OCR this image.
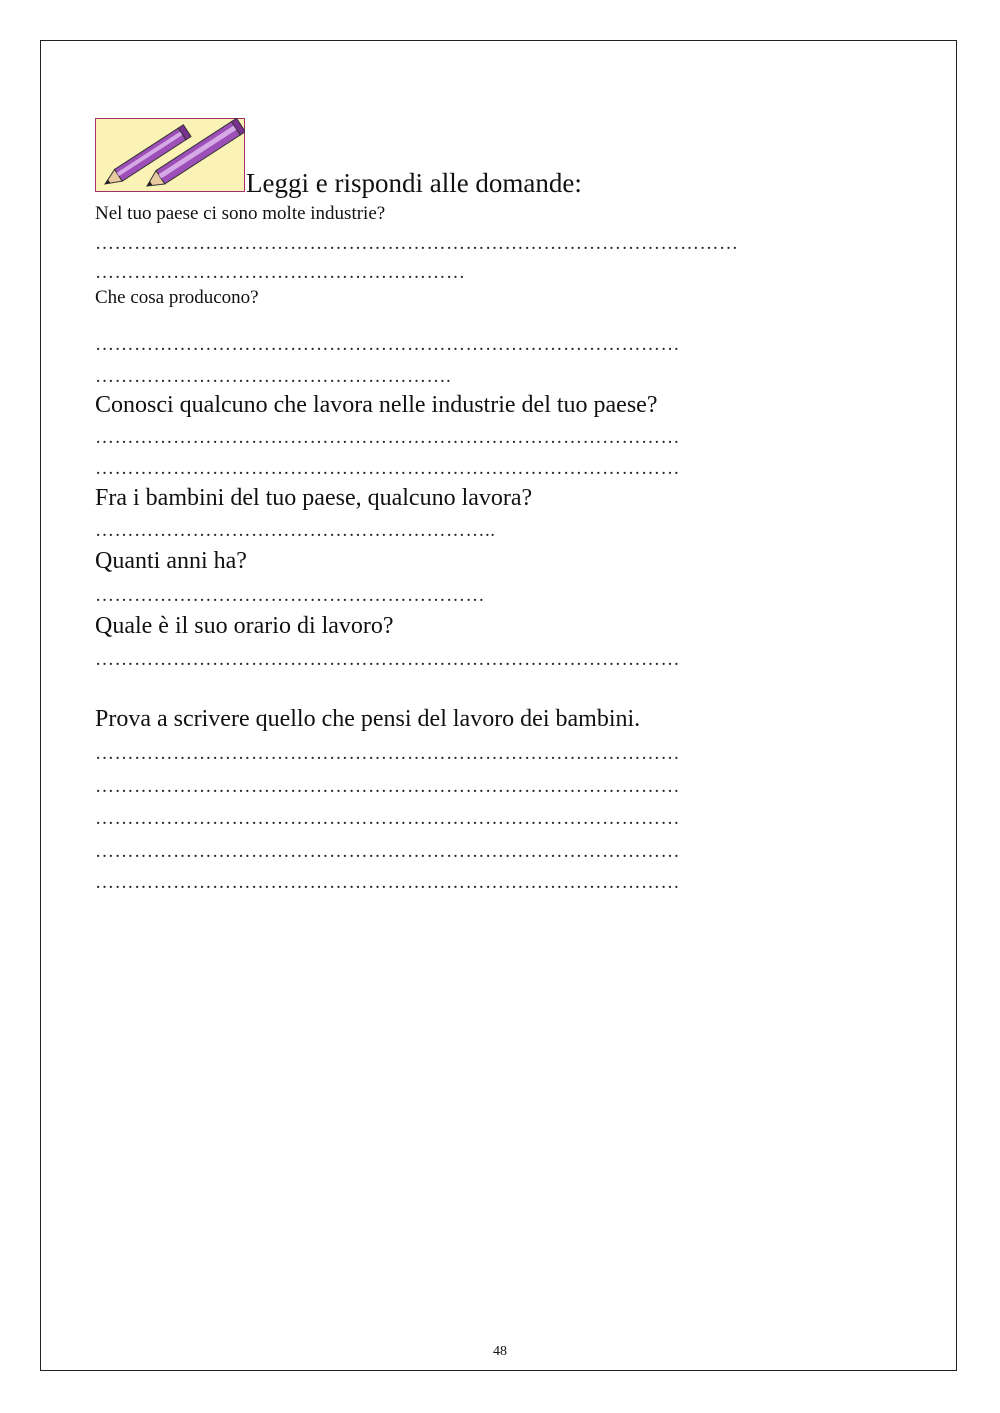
Leggi e rispondi alle domande:
Nel tuo paese ci sono molte industrie?
………………………………………………………………………………………
…………………………………………………
Che cosa producono?
………………………………………………………………………………
……………………………………………….
Conosci qualcuno che lavora nelle industrie del tuo paese?
………………………………………………………………………………
………………………………………………………………………………
Fra i bambini del tuo paese, qualcuno lavora?
……………………………………………………..
Quanti anni ha?
……………………………………………………
Quale è il suo orario di lavoro?
………………………………………………………………………………
Prova a scrivere quello che pensi del lavoro dei bambini.
………………………………………………………………………………
………………………………………………………………………………
………………………………………………………………………………
………………………………………………………………………………
………………………………………………………………………………
48
